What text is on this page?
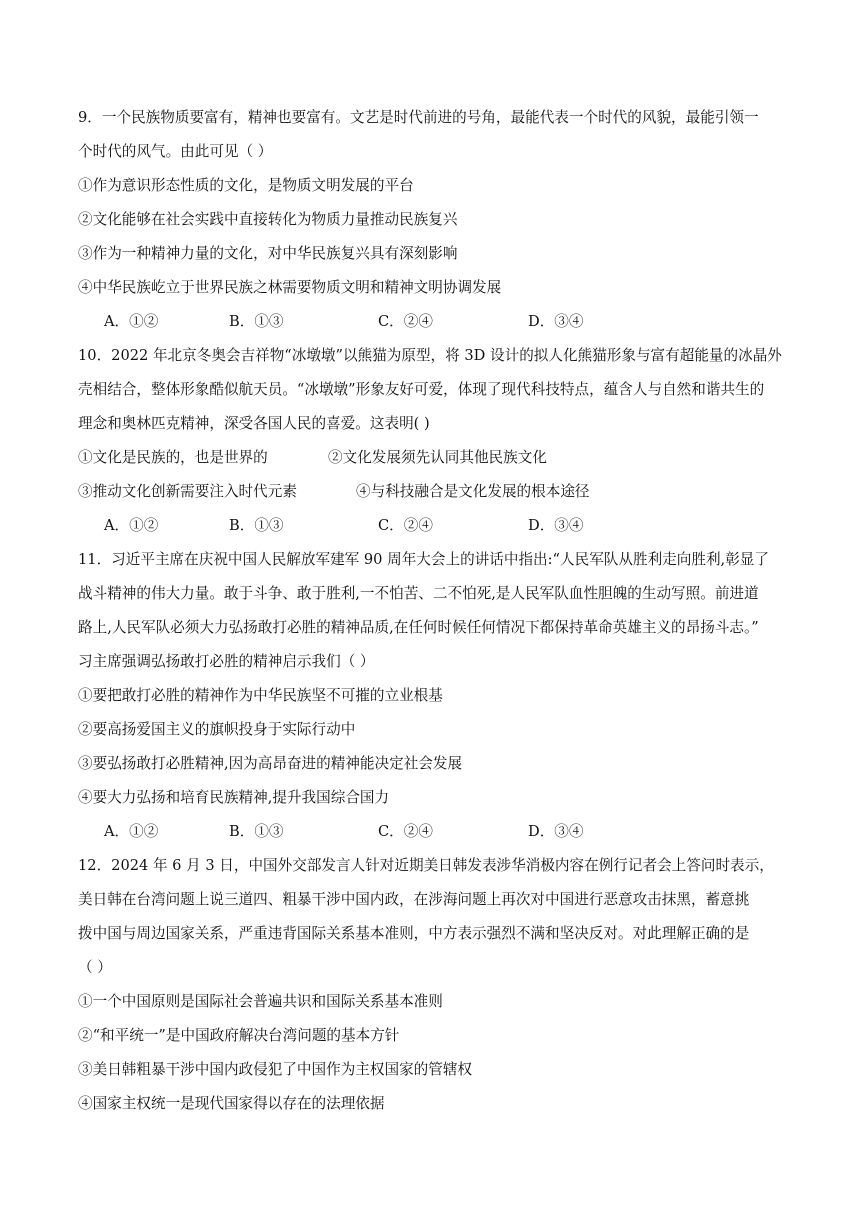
9．一个民族物质要富有，精神也要富有。文艺是时代前进的号角，最能代表一个时代的风貌，最能引领一
个时代的风气。由此可见（ ）
①作为意识形态性质的文化，是物质文明发展的平台
②文化能够在社会实践中直接转化为物质力量推动民族复兴
③作为一种精神力量的文化，对中华民族复兴具有深刻影响
④中华民族屹立于世界民族之林需要物质文明和精神文明协调发展
A．①②	B．①③	C．②④	D．③④
10．2022 年北京冬奥会吉祥物“冰墩墩”以熊猫为原型，将 3D 设计的拟人化熊猫形象与富有超能量的冰晶外
壳相结合，整体形象酷似航天员。“冰墩墩”形象友好可爱，体现了现代科技特点，蕴含人与自然和谐共生的
理念和奥林匹克精神，深受各国人民的喜爱。这表明( )
①文化是民族的，也是世界的	②文化发展须先认同其他民族文化
③推动文化创新需要注入时代元素	④与科技融合是文化发展的根本途径
A．①②	B．①③	C．②④	D．③④
11．习近平主席在庆祝中国人民解放军建军 90 周年大会上的讲话中指出:“人民军队从胜利走向胜利,彰显了
战斗精神的伟大力量。敢于斗争、敢于胜利,一不怕苦、二不怕死,是人民军队血性胆魄的生动写照。前进道
路上,人民军队必须大力弘扬敢打必胜的精神品质,在任何时候任何情况下都保持革命英雄主义的昂扬斗志。”
习主席强调弘扬敢打必胜的精神启示我们（ ）
①要把敢打必胜的精神作为中华民族坚不可摧的立业根基
②要高扬爱国主义的旗帜投身于实际行动中
③要弘扬敢打必胜精神,因为高昂奋进的精神能决定社会发展
④要大力弘扬和培育民族精神,提升我国综合国力
A．①②	B．①③	C．②④	D．③④
12．2024 年 6 月 3 日，中国外交部发言人针对近期美日韩发表涉华消极内容在例行记者会上答问时表示，
美日韩在台湾问题上说三道四、粗暴干涉中国内政，在涉海问题上再次对中国进行恶意攻击抹黑，蓄意挑
拨中国与周边国家关系，严重违背国际关系基本准则，中方表示强烈不满和坚决反对。对此理解正确的是
（ ）
①一个中国原则是国际社会普遍共识和国际关系基本准则
②“和平统一”是中国政府解决台湾问题的基本方针
③美日韩粗暴干涉中国内政侵犯了中国作为主权国家的管辖权
④国家主权统一是现代国家得以存在的法理依据
